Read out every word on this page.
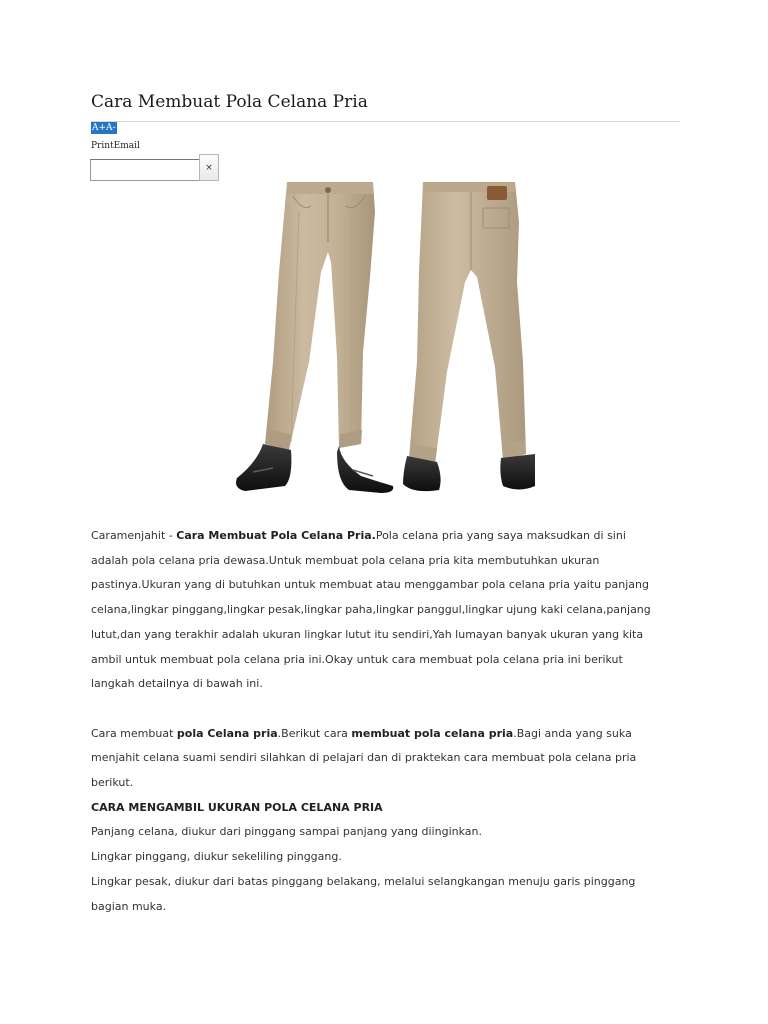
Cara Membuat Pola Celana Pria
A+A-
PrintEmail
×

Caramenjahit - Cara Membuat Pola Celana Pria.Pola celana pria yang saya maksudkan di sini adalah pola celana pria dewasa.Untuk membuat pola celana pria kita membutuhkan ukuran pastinya.Ukuran yang di butuhkan untuk membuat atau menggambar pola celana pria yaitu panjang celana,lingkar pinggang,lingkar pesak,lingkar paha,lingkar panggul,lingkar ujung kaki celana,panjang lutut,dan yang terakhir adalah ukuran lingkar lutut itu sendiri,Yah lumayan banyak ukuran yang kita ambil untuk membuat pola celana pria ini.Okay untuk cara membuat pola celana pria ini berikut langkah detailnya di bawah ini.

Cara membuat pola Celana pria.Berikut cara membuat pola celana pria.Bagi anda yang suka menjahit celana suami sendiri silahkan di pelajari dan di praktekan cara membuat pola celana pria berikut.

CARA MENGAMBIL UKURAN POLA CELANA PRIA

Panjang celana, diukur dari pinggang sampai panjang yang diinginkan.

Lingkar pinggang, diukur sekeliling pinggang.

Lingkar pesak, diukur dari batas pinggang belakang, melalui selangkangan menuju garis pinggang bagian muka.
